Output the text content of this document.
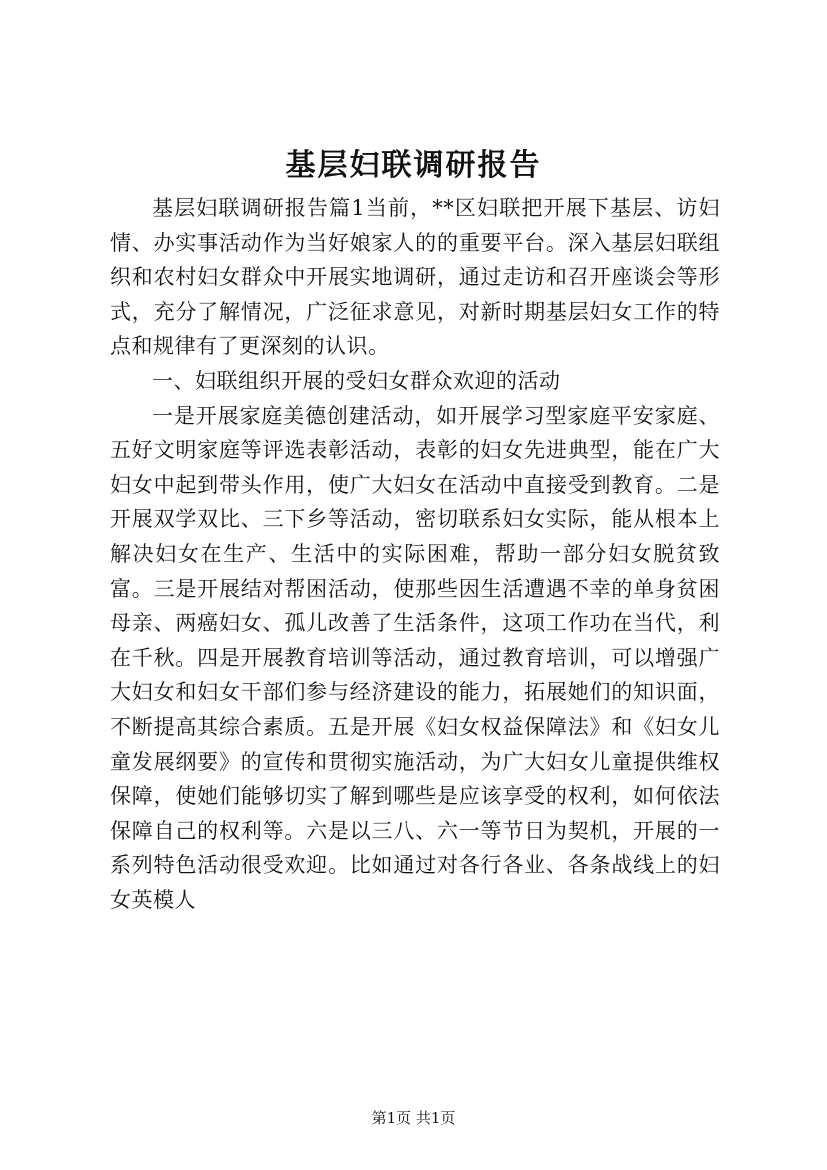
基层妇联调研报告

基层妇联调研报告篇1当前，**区妇联把开展下基层、访妇情、办实事活动作为当好娘家人的的重要平台。深入基层妇联组织和农村妇女群众中开展实地调研，通过走访和召开座谈会等形式，充分了解情况，广泛征求意见，对新时期基层妇女工作的特点和规律有了更深刻的认识。

一、妇联组织开展的受妇女群众欢迎的活动

一是开展家庭美德创建活动，如开展学习型家庭平安家庭、五好文明家庭等评选表彰活动，表彰的妇女先进典型，能在广大妇女中起到带头作用，使广大妇女在活动中直接受到教育。二是开展双学双比、三下乡等活动，密切联系妇女实际，能从根本上解决妇女在生产、生活中的实际困难，帮助一部分妇女脱贫致富。三是开展结对帮困活动，使那些因生活遭遇不幸的单身贫困母亲、两癌妇女、孤儿改善了生活条件，这项工作功在当代，利在千秋。四是开展教育培训等活动，通过教育培训，可以增强广大妇女和妇女干部们参与经济建设的能力，拓展她们的知识面，不断提高其综合素质。五是开展《妇女权益保障法》和《妇女儿童发展纲要》的宣传和贯彻实施活动，为广大妇女儿童提供维权保障，使她们能够切实了解到哪些是应该享受的权利，如何依法保障自己的权利等。六是以三八、六一等节日为契机，开展的一系列特色活动很受欢迎。比如通过对各行各业、各条战线上的妇女英模人

第1页 共1页
